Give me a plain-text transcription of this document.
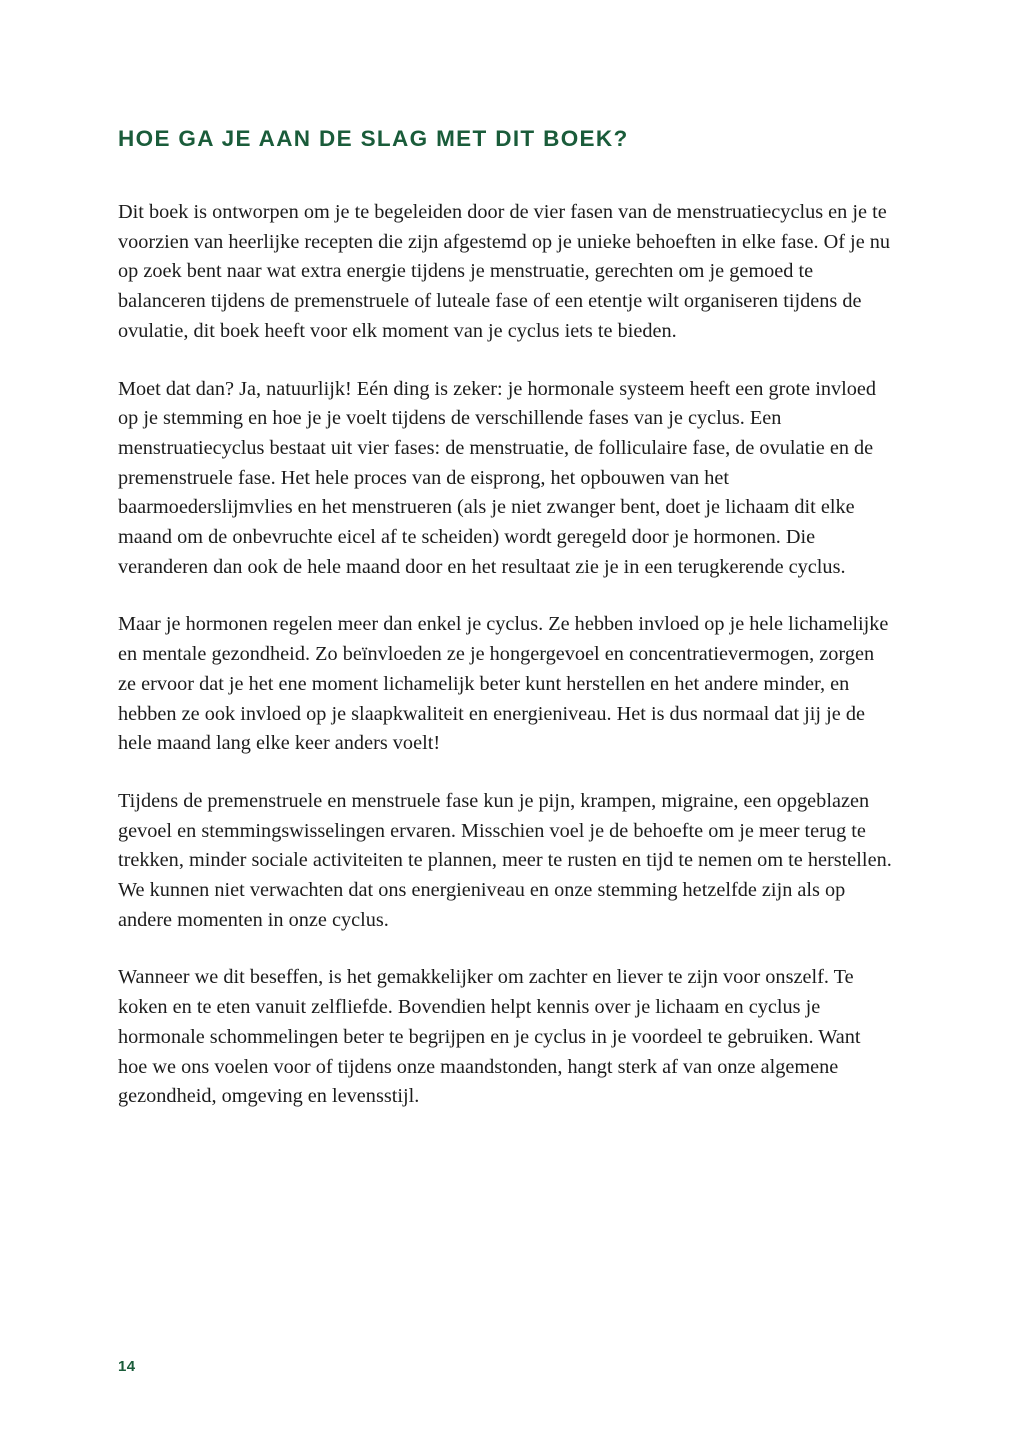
HOE GA JE AAN DE SLAG MET DIT BOEK?

Dit boek is ontworpen om je te begeleiden door de vier fasen van de menstruatiecyclus en je te voorzien van heerlijke recepten die zijn afgestemd op je unieke behoeften in elke fase. Of je nu op zoek bent naar wat extra energie tijdens je menstruatie, gerechten om je gemoed te balanceren tijdens de premenstruele of luteale fase of een etentje wilt organiseren tijdens de ovulatie, dit boek heeft voor elk moment van je cyclus iets te bieden.

Moet dat dan? Ja, natuurlijk! Eén ding is zeker: je hormonale systeem heeft een grote invloed op je stemming en hoe je je voelt tijdens de verschillende fases van je cyclus. Een menstruatiecyclus bestaat uit vier fases: de menstruatie, de folliculaire fase, de ovulatie en de premenstruele fase. Het hele proces van de eisprong, het opbouwen van het baarmoederslijmvlies en het menstrueren (als je niet zwanger bent, doet je lichaam dit elke maand om de onbevruchte eicel af te scheiden) wordt geregeld door je hormonen. Die veranderen dan ook de hele maand door en het resultaat zie je in een terugkerende cyclus.

Maar je hormonen regelen meer dan enkel je cyclus. Ze hebben invloed op je hele lichamelijke en mentale gezondheid. Zo beïnvloeden ze je hongergevoel en concentratievermogen, zorgen ze ervoor dat je het ene moment lichamelijk beter kunt herstellen en het andere minder, en hebben ze ook invloed op je slaapkwaliteit en energieniveau. Het is dus normaal dat jij je de hele maand lang elke keer anders voelt!

Tijdens de premenstruele en menstruele fase kun je pijn, krampen, migraine, een opgeblazen gevoel en stemmingswisselingen ervaren. Misschien voel je de behoefte om je meer terug te trekken, minder sociale activiteiten te plannen, meer te rusten en tijd te nemen om te herstellen. We kunnen niet verwachten dat ons energieniveau en onze stemming hetzelfde zijn als op andere momenten in onze cyclus.

Wanneer we dit beseffen, is het gemakkelijker om zachter en liever te zijn voor onszelf. Te koken en te eten vanuit zelfliefde. Bovendien helpt kennis over je lichaam en cyclus je hormonale schommelingen beter te begrijpen en je cyclus in je voordeel te gebruiken. Want hoe we ons voelen voor of tijdens onze maandstonden, hangt sterk af van onze algemene gezondheid, omgeving en levensstijl.

14
